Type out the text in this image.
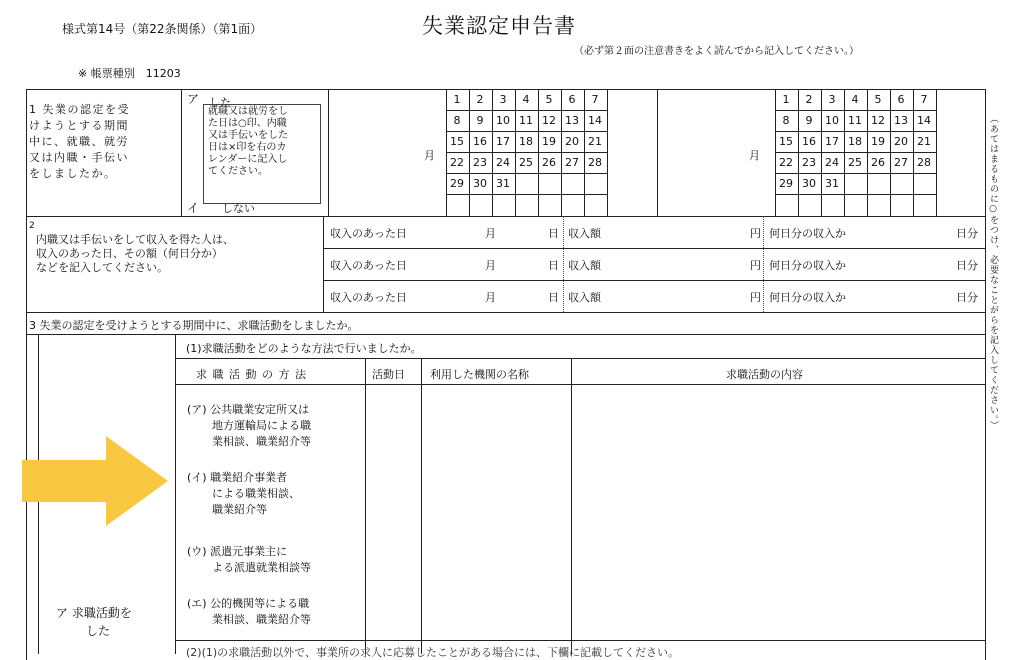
様式第14号（第22条関係）（第1面）	失業認定申告書
（必ず第２面の注意書きをよく読んでから記入してください。）
※ 帳票種別　11203
1 失業の認定を受
けようとする期間
中に、就職、就労
又は内職・手伝い
をしましたか。
ア した
就職又は就労をし
た日は○印、内職
又は手伝いをした
日は×印を右のカ
レンダーに記入し
てください。
イ しない
月	月
1	2	3	4	5	6	7
8	9	10 11 12 13 14
15 16 17 18 19 20 21
22 23 24 25 26 27 28
29 30 31
1	2	3	4	5	6	7
8	9	10 11 12 13 14
15 16 17 18 19 20 21
22 23 24 25 26 27 28
29 30 31
2
内職又は手伝いをして収入を得た人は、
収入のあった日、その額（何日分か）
などを記入してください。
収入のあった日	月	日 収入額	円 何日分の収入か	日分
収入のあった日	月	日 収入額	円 何日分の収入か	日分
収入のあった日	月	日 収入額	円 何日分の収入か	日分
3 失業の認定を受けようとする期間中に、求職活動をしましたか。
(1)求職活動をどのような方法で行いましたか。
求 職 活 動 の 方 法	活動日 利用した機関の名称	求職活動の内容
(ア) 公共職業安定所又は
地方運輸局による職
業相談、職業紹介等
(イ) 職業紹介事業者
による職業相談、
職業紹介等
(ウ) 派遣元事業主に
よる派遣就業相談等
(エ) 公的機関等による職
業相談、職業紹介等
ア 求職活動を
した
(2)(1)の求職活動以外で、事業所の求人に応募したことがある場合には、下欄に記載してください。
（あてはまるものに○をつけ、必要なことがらを記入してください。）
